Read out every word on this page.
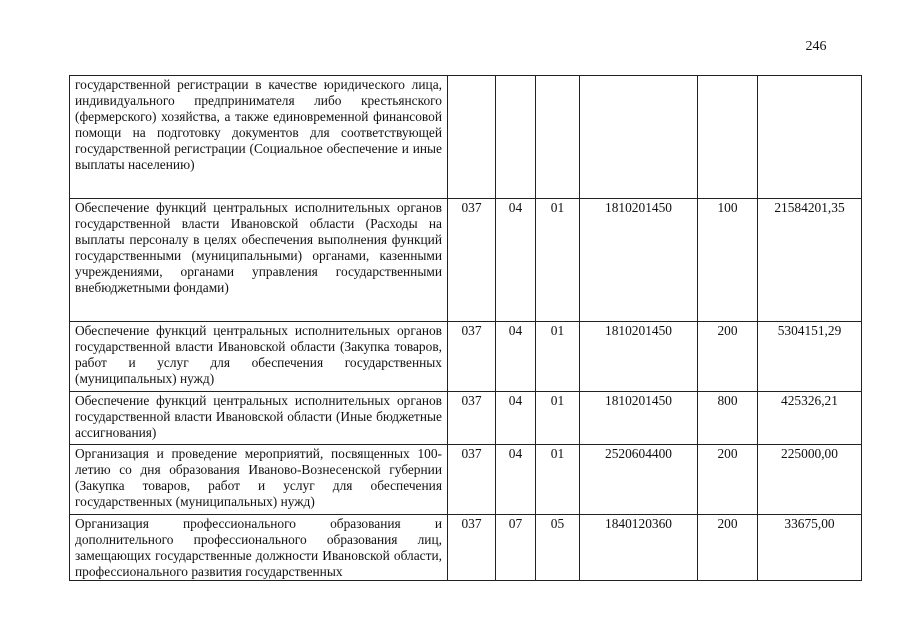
246
государственной регистрации в качестве юридического лица, индивидуального предпринимателя либо крестьянского (фермерского) хозяйства, а также единовременной финансовой помощи на подготовку документов для соответствующей государственной регистрации (Социальное обеспечение и иные выплаты населению)						
Обеспечение функций центральных исполнительных органов государственной власти Ивановской области (Расходы на выплаты персоналу в целях обеспечения выполнения функций государственными (муниципальными) органами, казенными учреждениями, органами управления государственными внебюджетными фондами)	037	04	01	1810201450	100	21584201,35
Обеспечение функций центральных исполнительных органов государственной власти Ивановской области (Закупка товаров, работ и услуг для обеспечения государственных (муниципальных) нужд)	037	04	01	1810201450	200	5304151,29
Обеспечение функций центральных исполнительных органов государственной власти Ивановской области (Иные бюджетные ассигнования)	037	04	01	1810201450	800	425326,21
Организация и проведение мероприятий, посвященных 100-летию со дня образования Иваново-Вознесенской губернии (Закупка товаров, работ и услуг для обеспечения государственных (муниципальных) нужд)	037	04	01	2520604400	200	225000,00
Организация профессионального образования и дополнительного профессионального образования лиц, замещающих государственные должности Ивановской области, профессионального развития государственных	037	07	05	1840120360	200	33675,00
